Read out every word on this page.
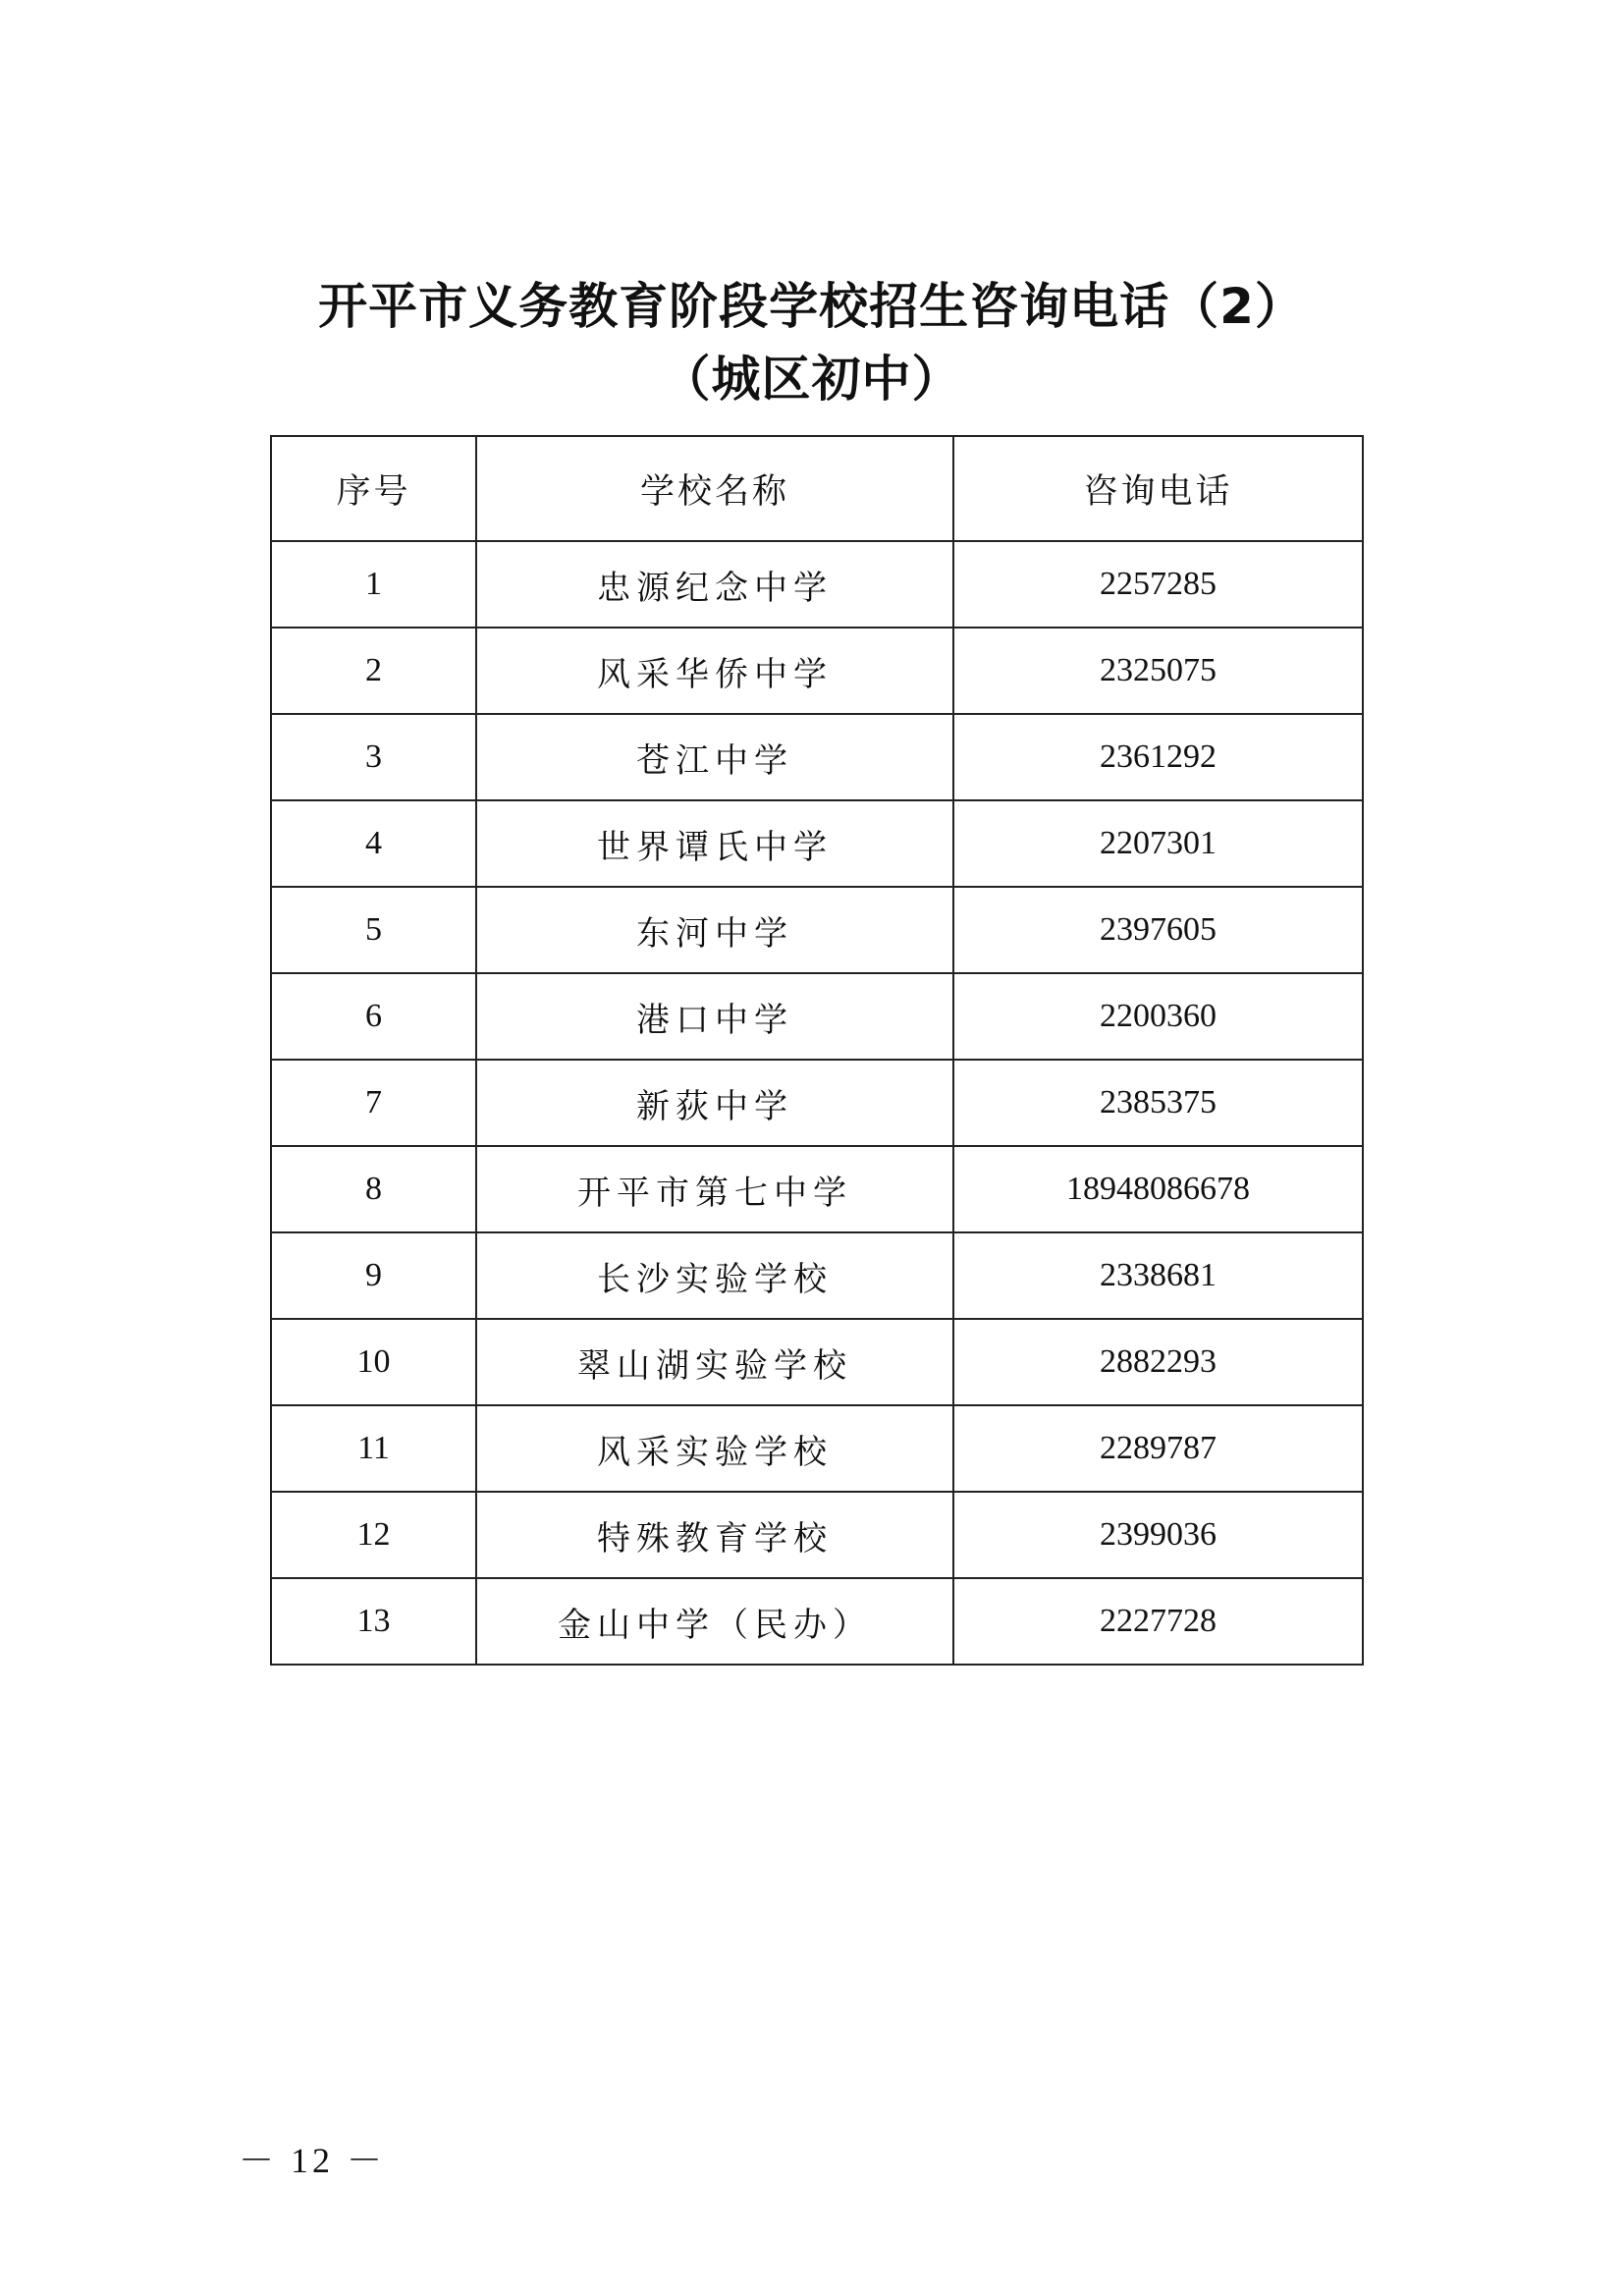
开平市义务教育阶段学校招生咨询电话（2）
（城区初中）
序号	学校名称	咨询电话
1	忠源纪念中学	2257285
2	风采华侨中学	2325075
3	苍江中学	2361292
4	世界谭氏中学	2207301
5	东河中学	2397605
6	港口中学	2200360
7	新荻中学	2385375
8	开平市第七中学	18948086678
9	长沙实验学校	2338681
10	翠山湖实验学校	2882293
11	风采实验学校	2289787
12	特殊教育学校	2399036
13	金山中学（民办）	2227728
－ 12 －
